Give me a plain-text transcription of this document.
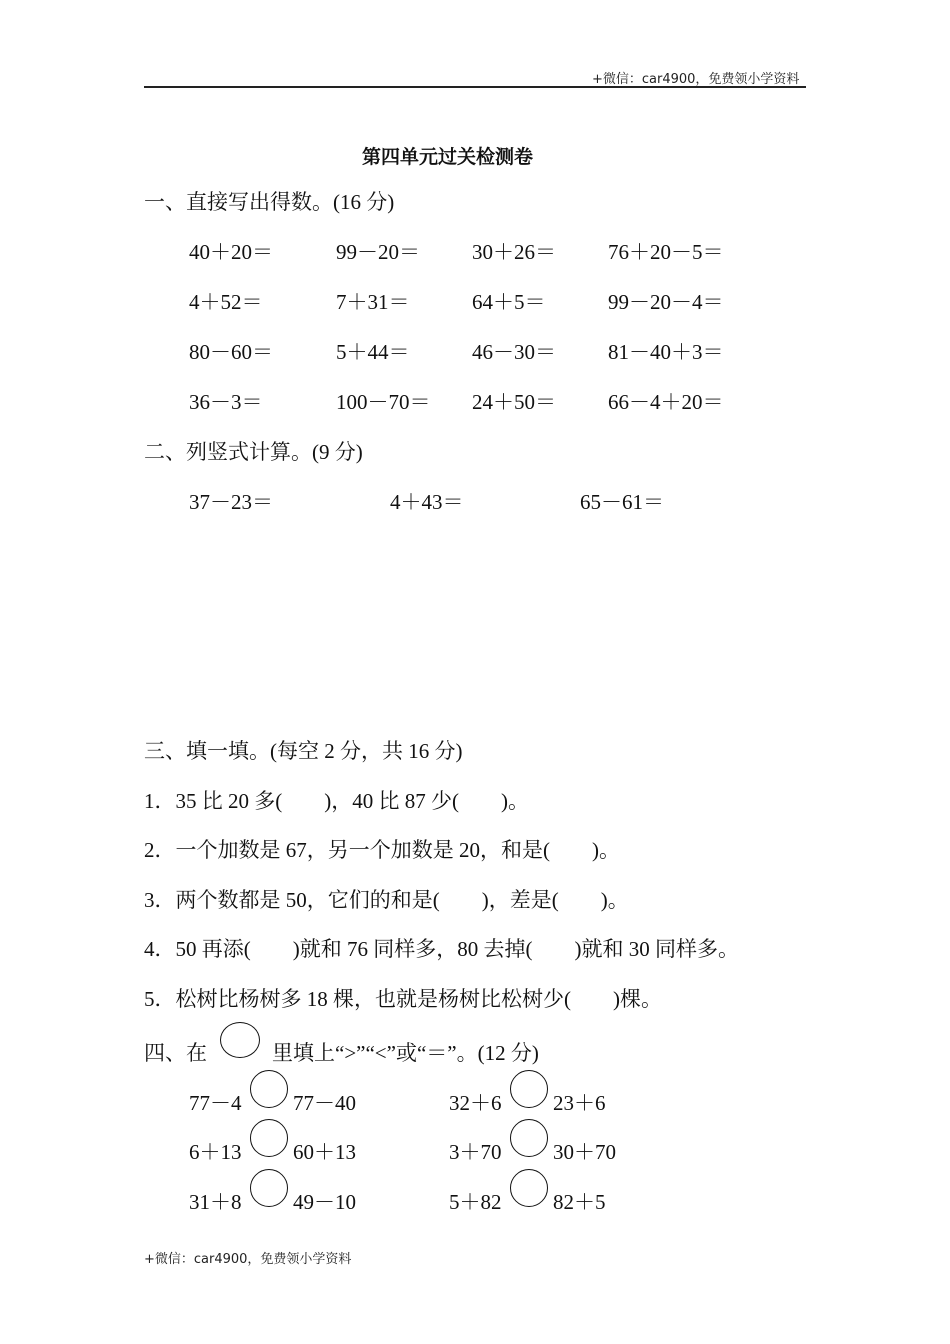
+微信：car4900，免费领小学资料
第四单元过关检测卷
一、直接写出得数。(16 分)
40＋20＝	99－20＝ 30＋26＝ 76＋20－5＝
4＋52＝	7＋31＝	64＋5＝	99－20－4＝
80－60＝	5＋44＝	46－30＝ 81－40＋3＝
36－3＝	100－70＝ 24＋50＝ 66－4＋20＝
二、列竖式计算。(9 分)
37－23＝	4＋43＝	65－61＝
三、填一填。(每空 2 分，共 16 分)
1．35 比 20 多(　　)，40 比 87 少(　　)。
2．一个加数是 67，另一个加数是 20，和是(　　)。
3．两个数都是 50，它们的和是(　　)，差是(　　)。
4．50 再添(　　)就和 76 同样多，80 去掉(　　)就和 30 同样多。
5．松树比杨树多 18 棵，也就是杨树比松树少(　　)棵。
四、在	里填上“>”“<”或“＝”。(12 分)
77－4 77－40	32＋6 23＋6
6＋13 60＋13	3＋70 30＋70
31＋8 49－10	5＋82 82＋5
+微信：car4900，免费领小学资料
